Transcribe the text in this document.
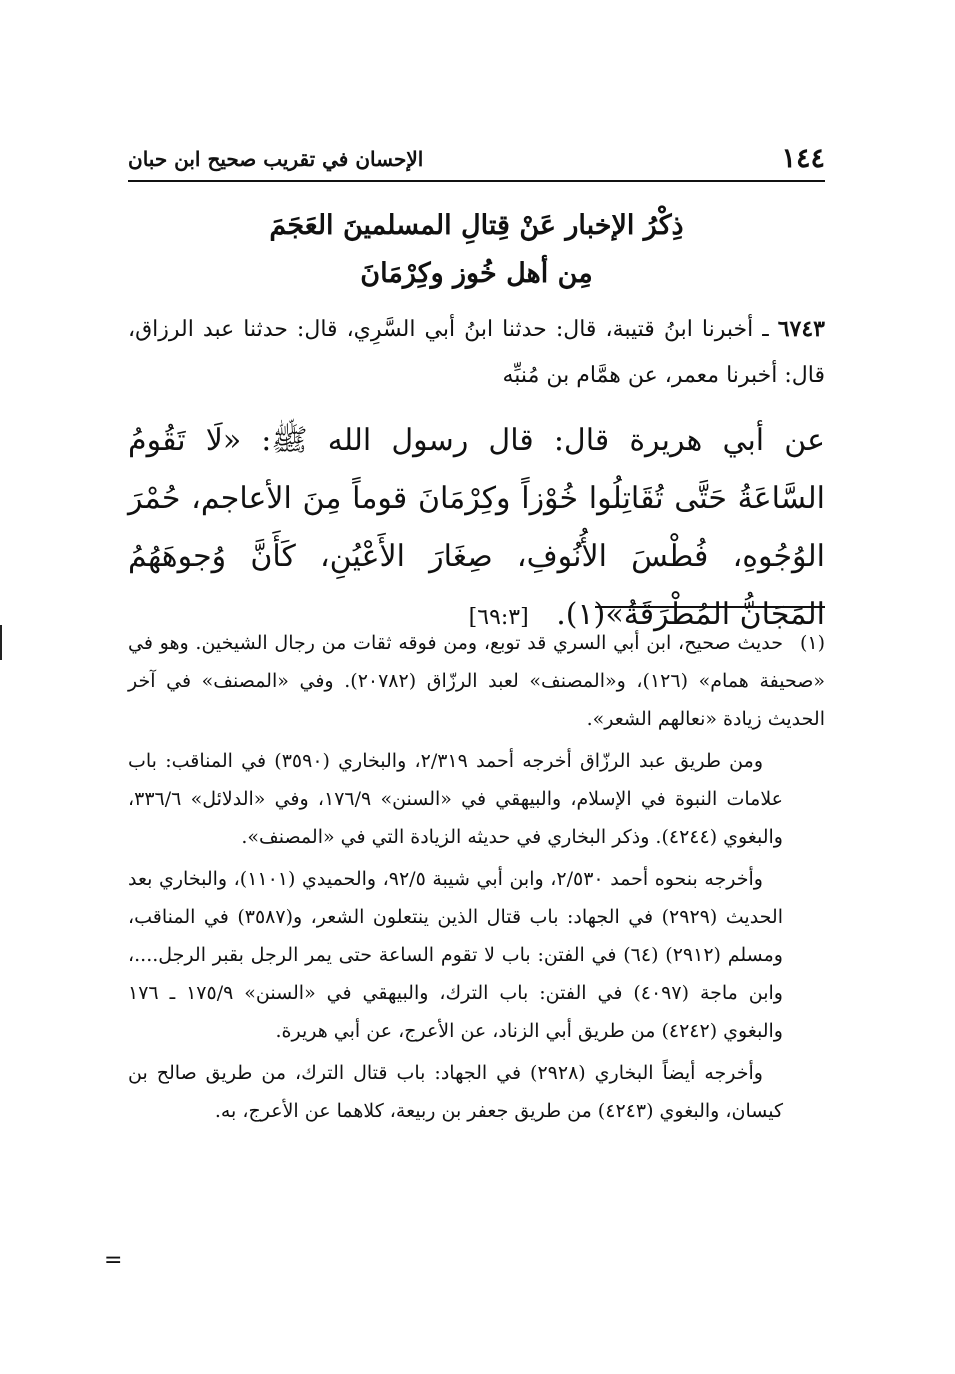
١٤٤
الإحسان في تقريب صحيح ابن حبان
ذِكْرُ الإخبار عَنْ قِتالِ المسلمينَ العَجَمَ
مِن أهل خُوز وكِرْمَانَ
٦٧٤٣ ـ أخبرنا ابنُ قتيبة، قال: حدثنا ابنُ أبي السَّرِي، قال: حدثنا عبد الرزاق، قال: أخبرنا معمر، عن همَّام بن مُنبِّه
عن أبي هريرة قال: قال رسول الله ﷺ: «لَا تَقُومُ السَّاعَةُ حَتَّى تُقَاتِلُوا خُوْزاً وكِرْمَانَ قوماً مِنَ الأعاجم، حُمْرَ الوُجُوهِ، فُطْسَ الأُنُوفِ، صِغَارَ الأَعْيُنِ، كَأَنَّ وُجوهَهُمُ المَجَانُّ المُطْرَقَةُ»(١). [٦٩:٣]

(١)حديث صحيح، ابن أبي السري قد توبع، ومن فوقه ثقات من رجال الشيخين. وهو في «صحيفة همام» (١٢٦)، و«المصنف» لعبد الرزّاق (٢٠٧٨٢). وفي «المصنف» في آخر الحديث زيادة «نعالهم الشعر».

ومن طريق عبد الرزّاق أخرجه أحمد ٢/٣١٩، والبخاري (٣٥٩٠) في المناقب: باب علامات النبوة في الإسلام، والبيهقي في «السنن» ١٧٦/٩، وفي «الدلائل» ٣٣٦/٦، والبغوي (٤٢٤٤). وذكر البخاري في حديثه الزيادة التي في «المصنف».

وأخرجه بنحوه أحمد ٢/٥٣٠، وابن أبي شيبة ٩٢/٥، والحميدي (١١٠١)، والبخاري بعد الحديث (٢٩٢٩) في الجهاد: باب قتال الذين ينتعلون الشعر، و(٣٥٨٧) في المناقب، ومسلم (٢٩١٢) (٦٤) في الفتن: باب لا تقوم الساعة حتى يمر الرجل بقبر الرجل....، وابن ماجة (٤٠٩٧) في الفتن: باب الترك، والبيهقي في «السنن» ١٧٥/٩ ـ ١٧٦ والبغوي (٤٢٤٢) من طريق أبي الزناد، عن الأعرج، عن أبي هريرة.

وأخرجه أيضاً البخاري (٢٩٢٨) في الجهاد: باب قتال الترك، من طريق صالح بن كيسان، والبغوي (٤٢٤٣) من طريق جعفر بن ربيعة، كلاهما عن الأعرج، به.

=
